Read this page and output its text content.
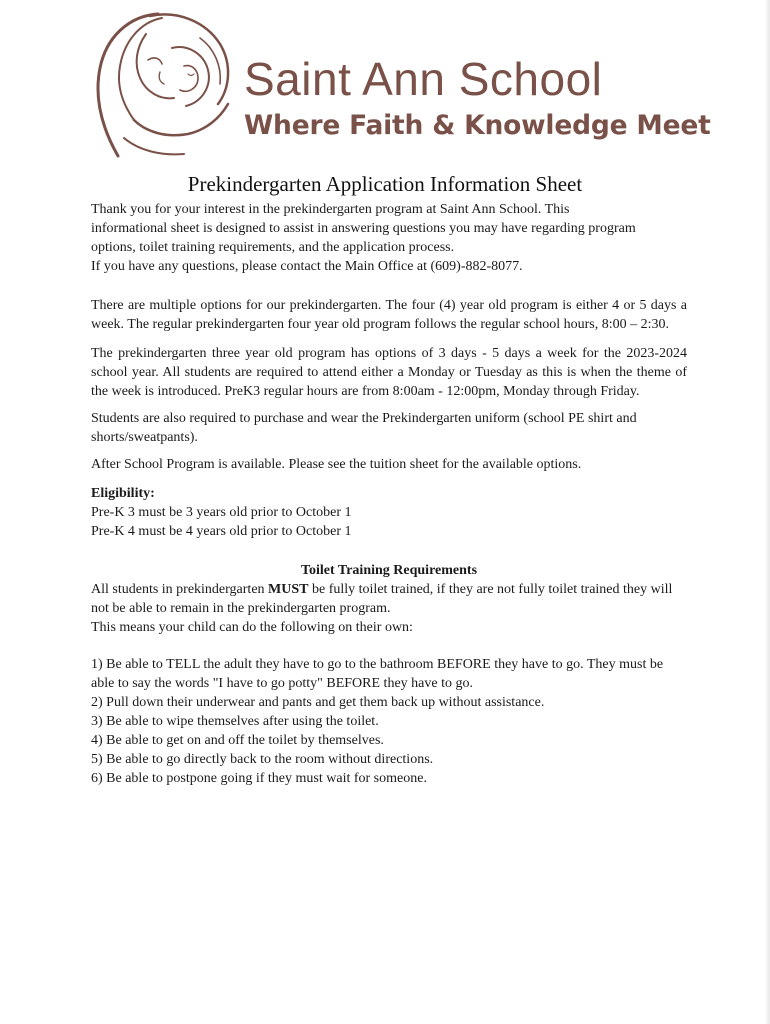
Saint Ann School
Where Faith & Knowledge Meet
Prekindergarten Application Information Sheet

Thank you for your interest in the prekindergarten program at Saint Ann School. This
informational sheet is designed to assist in answering questions you may have regarding program
options, toilet training requirements, and the application process.
If you have any questions, please contact the Main Office at (609)-882-8077.

There are multiple options for our prekindergarten. The four (4) year old program is either 4 or 5 days a week. The regular prekindergarten four year old program follows the regular school hours, 8:00 – 2:30.

The prekindergarten three year old program has options of 3 days - 5 days a week for the 2023-2024 school year. All students are required to attend either a Monday or Tuesday as this is when the theme of the week is introduced. PreK3 regular hours are from 8:00am - 12:00pm, Monday through Friday.

Students are also required to purchase and wear the Prekindergarten uniform (school PE shirt and shorts/sweatpants).

After School Program is available. Please see the tuition sheet for the available options.

Eligibility:

Pre-K 3 must be 3 years old prior to October 1

Pre-K 4 must be 4 years old prior to October 1

Toilet Training Requirements

All students in prekindergarten MUST be fully toilet trained, if they are not fully toilet trained they will not be able to remain in the prekindergarten program.

This means your child can do the following on their own:

1) Be able to TELL the adult they have to go to the bathroom BEFORE they have to go. They must be able to say the words "I have to go potty" BEFORE they have to go.

2) Pull down their underwear and pants and get them back up without assistance.

3) Be able to wipe themselves after using the toilet.

4) Be able to get on and off the toilet by themselves.

5) Be able to go directly back to the room without directions.

6) Be able to postpone going if they must wait for someone.
